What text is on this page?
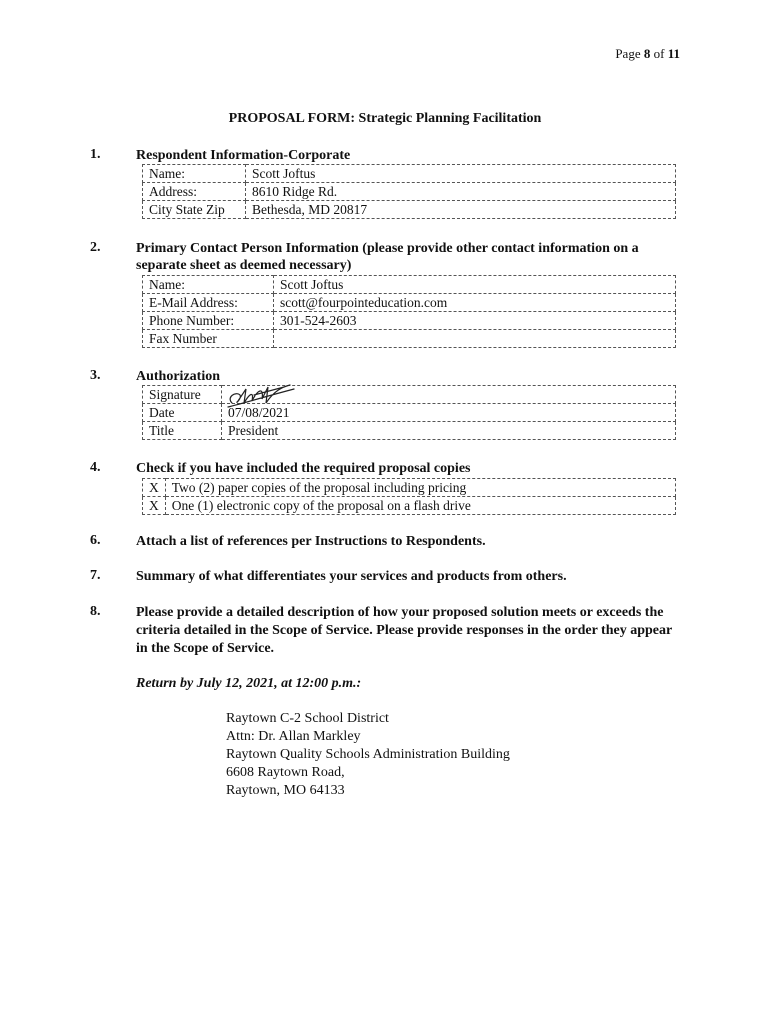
Page 8 of 11
PROPOSAL FORM: Strategic Planning Facilitation
1.	Respondent Information-Corporate
Name:	Scott Joftus
Address:	8610 Ridge Rd.
City State Zip	Bethesda, MD 20817
2.	Primary Contact Person Information (please provide other contact information on a separate sheet as deemed necessary)
Name:	Scott Joftus
E-Mail Address:	scott@fourpointeducation.com
Phone Number:	301-524-2603
Fax Number	
3.	Authorization
Signature	
Date	07/08/2021
Title	President
4.	Check if you have included the required proposal copies
X	Two (2) paper copies of the proposal including pricing
X	One (1) electronic copy of the proposal on a flash drive
6.	Attach a list of references per Instructions to Respondents.
7.	Summary of what differentiates your services and products from others.
8.	Please provide a detailed description of how your proposed solution meets or exceeds the criteria detailed in the Scope of Service. Please provide responses in the order they appear in the Scope of Service.
Return by July 12, 2021, at 12:00 p.m.:
Raytown C-2 School District
Attn: Dr. Allan Markley
Raytown Quality Schools Administration Building
6608 Raytown Road,
Raytown, MO 64133
